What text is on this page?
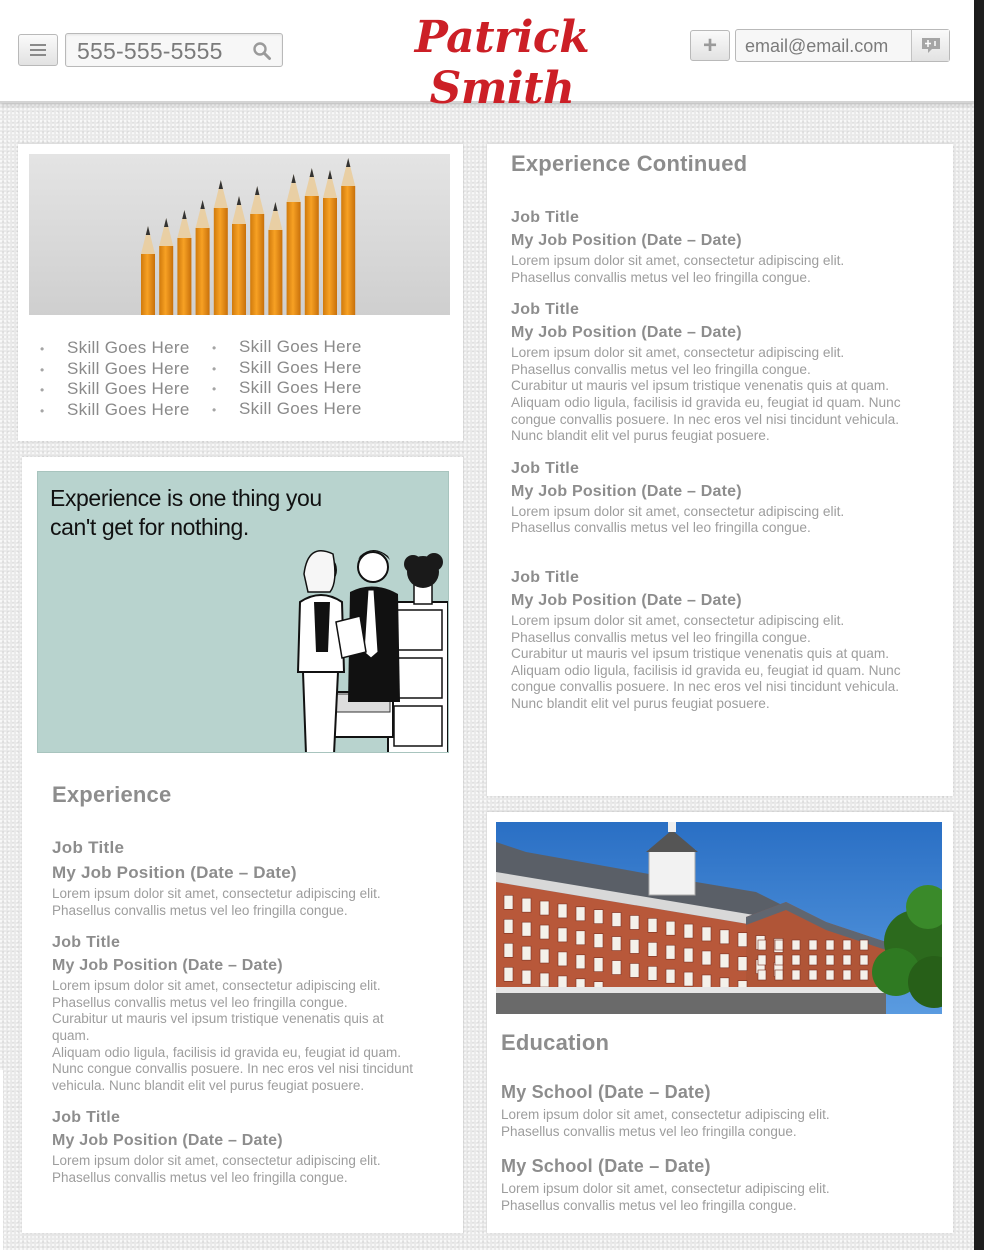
555-555-5555	Patrick Smith
+ email@email.com
• Skill Goes Here
• Skill Goes Here
• Skill Goes Here
• Skill Goes Here
• Skill Goes Here
• Skill Goes Here
• Skill Goes Here
• Skill Goes Here
Experience is one thing you
can't get for nothing.
Experience
Job Title
My Job Position (Date – Date)
Lorem ipsum dolor sit amet, consectetur adipiscing elit.
Phasellus convallis metus vel leo fringilla congue.
Job Title
My Job Position (Date – Date)
Lorem ipsum dolor sit amet, consectetur adipiscing elit.
Phasellus convallis metus vel leo fringilla congue.
Curabitur ut mauris vel ipsum tristique venenatis quis at
quam.
Aliquam odio ligula, facilisis id gravida eu, feugiat id quam.
Nunc congue convallis posuere. In nec eros vel nisi tincidunt
vehicula. Nunc blandit elit vel purus feugiat posuere.
Job Title
My Job Position (Date – Date)
Lorem ipsum dolor sit amet, consectetur adipiscing elit.
Phasellus convallis metus vel leo fringilla congue.
Experience Continued
Job Title
My Job Position (Date – Date)
Lorem ipsum dolor sit amet, consectetur adipiscing elit.
Phasellus convallis metus vel leo fringilla congue.
Job Title
My Job Position (Date – Date)
Lorem ipsum dolor sit amet, consectetur adipiscing elit.
Phasellus convallis metus vel leo fringilla congue.
Curabitur ut mauris vel ipsum tristique venenatis quis at quam.
Aliquam odio ligula, facilisis id gravida eu, feugiat id quam. Nunc
congue convallis posuere. In nec eros vel nisi tincidunt vehicula.
Nunc blandit elit vel purus feugiat posuere.
Job Title
My Job Position (Date – Date)
Lorem ipsum dolor sit amet, consectetur adipiscing elit.
Phasellus convallis metus vel leo fringilla congue.
Job Title
My Job Position (Date – Date)
Lorem ipsum dolor sit amet, consectetur adipiscing elit.
Phasellus convallis metus vel leo fringilla congue.
Curabitur ut mauris vel ipsum tristique venenatis quis at quam.
Aliquam odio ligula, facilisis id gravida eu, feugiat id quam. Nunc
congue convallis posuere. In nec eros vel nisi tincidunt vehicula.
Nunc blandit elit vel purus feugiat posuere.
Education
My School (Date – Date)
Lorem ipsum dolor sit amet, consectetur adipiscing elit.
Phasellus convallis metus vel leo fringilla congue.
My School (Date – Date)
Lorem ipsum dolor sit amet, consectetur adipiscing elit.
Phasellus convallis metus vel leo fringilla congue.
